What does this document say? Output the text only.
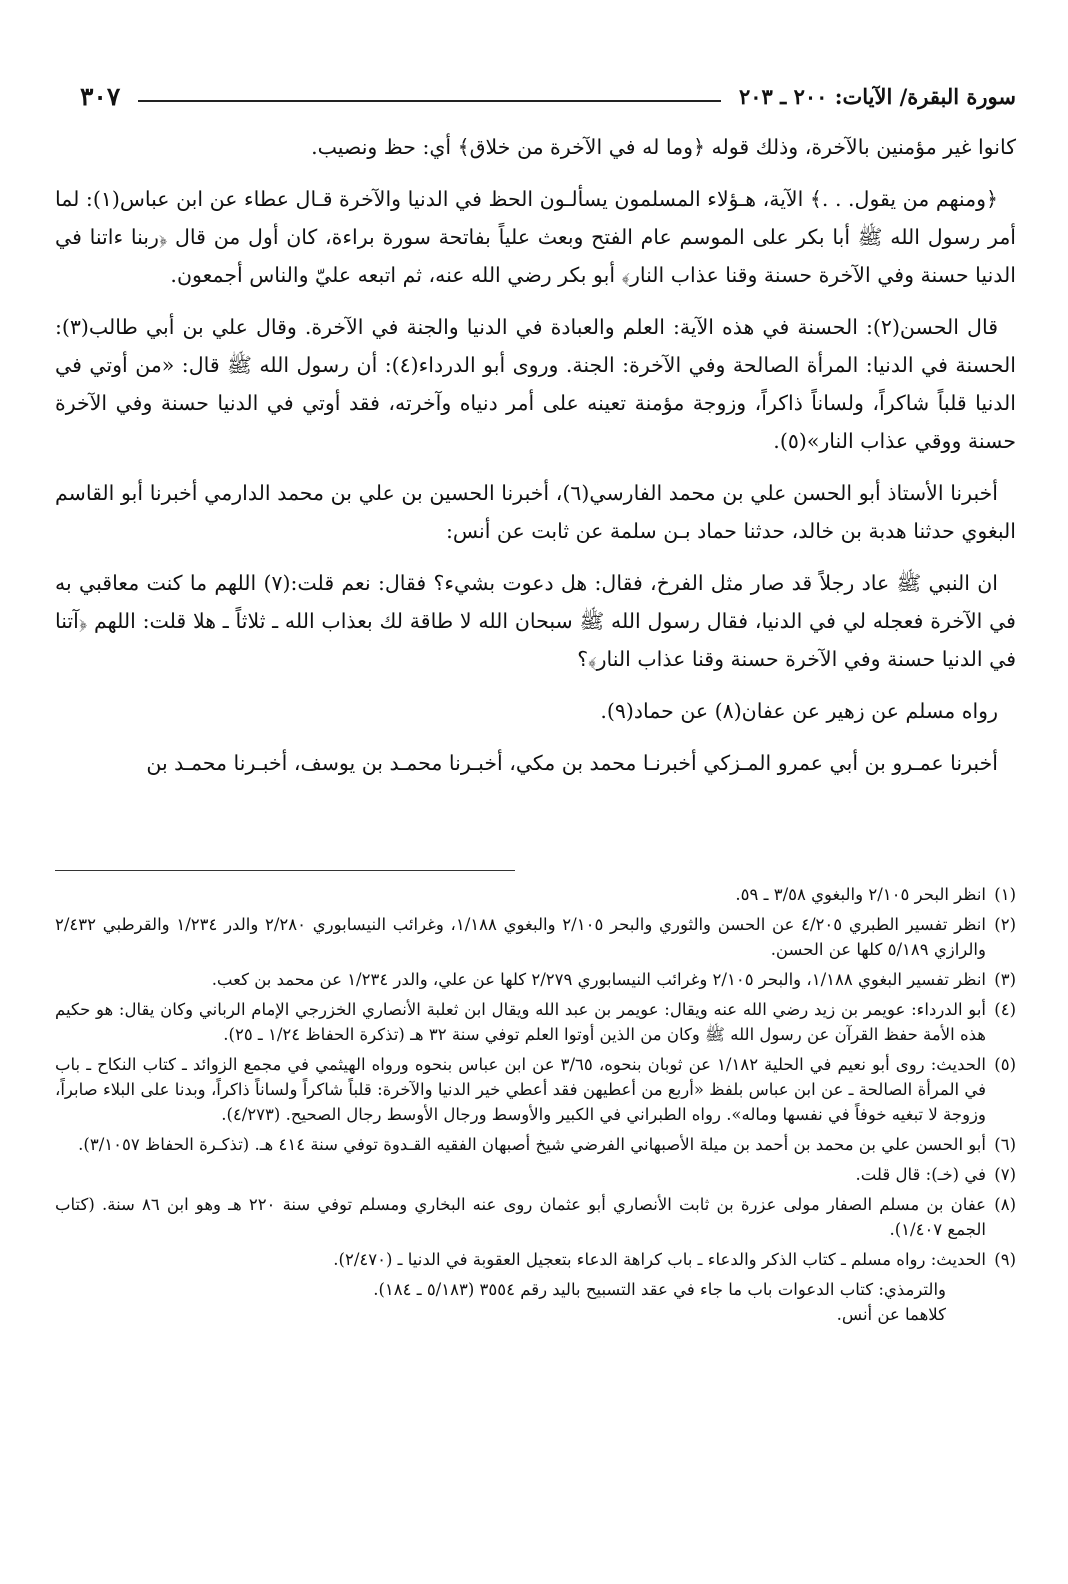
سورة البقرة/ الآيات: ٢٠٠ ـ ٢٠٣
٣٠٧

كانوا غير مؤمنين بالآخرة، وذلك قوله ﴿وما له في الآخرة من خلاق﴾ أي: حظ ونصيب.

﴿ومنهم من يقول. . .﴾ الآية، هـؤلاء المسلمون يسألـون الحظ في الدنيا والآخرة قـال عطاء عن ابن عباس(١): لما أمر رسول الله ﷺ أبا بكر على الموسم عام الفتح وبعث علياً بفاتحة سورة براءة، كان أول من قال ﴿ربنا ءاتنا في الدنيا حسنة وفي الآخرة حسنة وقنا عذاب النار﴾ أبو بكر رضي الله عنه، ثم اتبعه عليّ والناس أجمعون.

قال الحسن(٢): الحسنة في هذه الآية: العلم والعبادة في الدنيا والجنة في الآخرة. وقال علي بن أبي طالب(٣): الحسنة في الدنيا: المرأة الصالحة وفي الآخرة: الجنة. وروى أبو الدرداء(٤): أن رسول الله ﷺ قال: «من أوتي في الدنيا قلباً شاكراً، ولساناً ذاكراً، وزوجة مؤمنة تعينه على أمر دنياه وآخرته، فقد أوتي في الدنيا حسنة وفي الآخرة حسنة ووقي عذاب النار»(٥).

أخبرنا الأستاذ أبو الحسن علي بن محمد الفارسي(٦)، أخبرنا الحسين بن علي بن محمد الدارمي أخبرنا أبو القاسم البغوي حدثنا هدبة بن خالد، حدثنا حماد بـن سلمة عن ثابت عن أنس:

ان النبي ﷺ عاد رجلاً قد صار مثل الفرخ، فقال: هل دعوت بشيء؟ فقال: نعم قلت:(٧) اللهم ما كنت معاقبي به في الآخرة فعجله لي في الدنيا، فقال رسول الله ﷺ سبحان الله لا طاقة لك بعذاب الله ـ ثلاثاً ـ هلا قلت: اللهم ﴿آتنا في الدنيا حسنة وفي الآخرة حسنة وقنا عذاب النار﴾؟

رواه مسلم عن زهير عن عفان(٨) عن حماد(٩).

أخبرنا عمـرو بن أبي عمرو المـزكي أخبرنـا محمد بن مكي، أخبـرنا محمـد بن يوسف، أخبـرنا محمـد بن

(١)انظر البحر ٢/١٠٥ والبغوي ٣/٥٨ ـ ٥٩.

(٢)انظر تفسير الطبري ٤/٢٠٥ عن الحسن والثوري والبحر ٢/١٠٥ والبغوي ١/١٨٨، وغرائب النيسابوري ٢/٢٨٠ والدر ١/٢٣٤ والقرطبي ٢/٤٣٢ والرازي ٥/١٨٩ كلها عن الحسن.

(٣)انظر تفسير البغوي ١/١٨٨، والبحر ٢/١٠٥ وغرائب النيسابوري ٢/٢٧٩ كلها عن علي، والدر ١/٢٣٤ عن محمد بن كعب.

(٤)أبو الدرداء: عويمر بن زيد رضي الله عنه ويقال: عويمر بن عبد الله ويقال ابن ثعلبة الأنصاري الخزرجي الإمام الرباني وكان يقال: هو حكيم هذه الأمة حفظ القرآن عن رسول الله ﷺ وكان من الذين أوتوا العلم توفي سنة ٣٢ هـ (تذكرة الحفاظ ١/٢٤ ـ ٢٥).

(٥)الحديث: روى أبو نعيم في الحلية ١/١٨٢ عن ثوبان بنحوه، ٣/٦٥ عن ابن عباس بنحوه ورواه الهيثمي في مجمع الزوائد ـ كتاب النكاح ـ باب في المرأة الصالحة ـ عن ابن عباس بلفظ «أربع من أعطيهن فقد أعطي خير الدنيا والآخرة: قلباً شاكراً ولساناً ذاكراً، وبدنا على البلاء صابراً، وزوجة لا تبغيه خوفاً في نفسها وماله». رواه الطبراني في الكبير والأوسط ورجال الأوسط رجال الصحيح. (٤/٢٧٣).

(٦)أبو الحسن علي بن محمد بن أحمد بن ميلة الأصبهاني الفرضي شيخ أصبهان الفقيه القـدوة توفي سنة ٤١٤ هـ. (تذكـرة الحفاظ ٣/١٠٥٧).

(٧)في (خـ): قال قلت.

(٨)عفان بن مسلم الصفار مولى عزرة بن ثابت الأنصاري أبو عثمان روى عنه البخاري ومسلم توفي سنة ٢٢٠ هـ وهو ابن ٨٦ سنة. (كتاب الجمع ١/٤٠٧).

(٩)الحديث: رواه مسلم ـ كتاب الذكر والدعاء ـ باب كراهة الدعاء بتعجيل العقوبة في الدنيا ـ (٢/٤٧٠).

والترمذي: كتاب الدعوات باب ما جاء في عقد التسبيح باليد رقم ٣٥٥٤ (٥/١٨٣ ـ ١٨٤).

كلاهما عن أنس.
